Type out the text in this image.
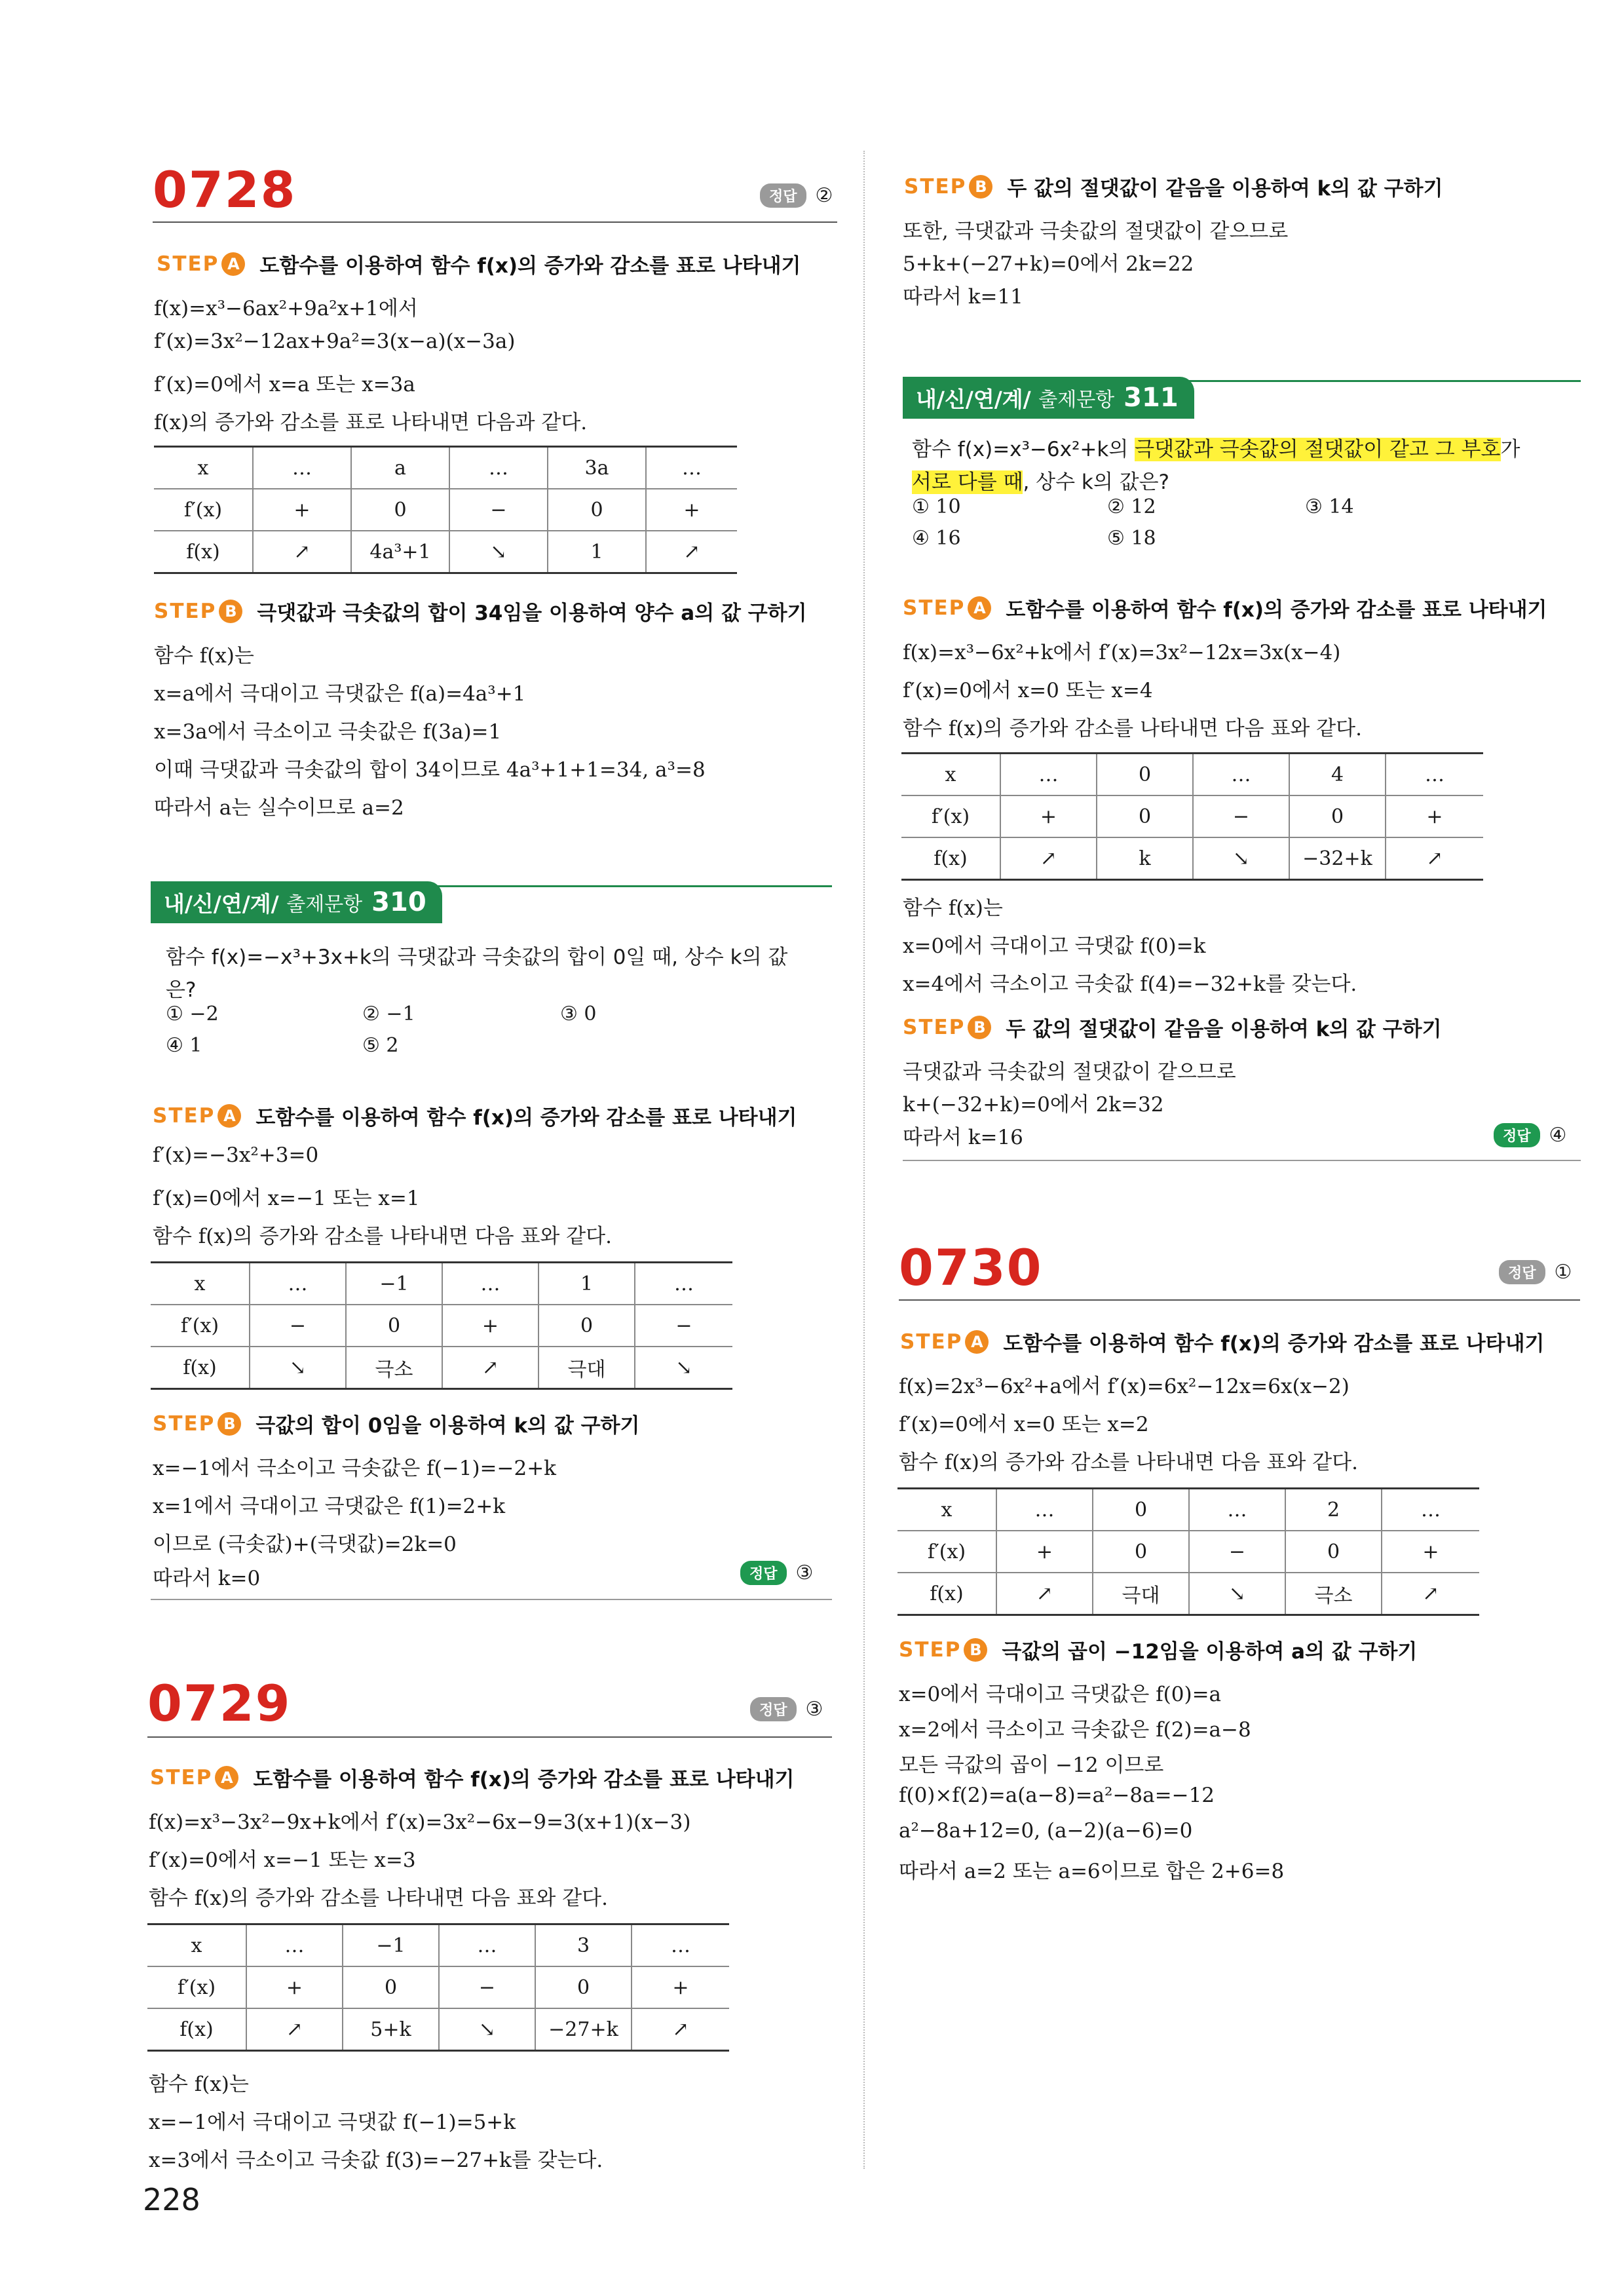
0728	정답 ②
STEP A 도함수를 이용하여 함수 f(x)의 증가와 감소를 표로 나타내기
f(x)=x³−6ax²+9a²x+1에서
f′(x)=3x²−12ax+9a²=3(x−a)(x−3a)
f′(x)=0에서 x=a 또는 x=3a
f(x)의 증가와 감소를 표로 나타내면 다음과 같다.
x	…	a	…	3a	…
f′(x)	+	0	−	0	+
f(x)	↗	4a³+1	↘	1	↗
STEP B 극댓값과 극솟값의 합이 34임을 이용하여 양수 a의 값 구하기
함수 f(x)는
x=a에서 극대이고 극댓값은 f(a)=4a³+1
x=3a에서 극소이고 극솟값은 f(3a)=1
이때 극댓값과 극솟값의 합이 34이므로 4a³+1+1=34, a³=8
따라서 a는 실수이므로 a=2
내/신/연/계/
출제문항 310
함수 f(x)=−x³+3x+k의 극댓값과 극솟값의 합이 0일 때, 상수 k의 값
은?
① −2	② −1	③ 0
④ 1	⑤ 2
STEP A 도함수를 이용하여 함수 f(x)의 증가와 감소를 표로 나타내기
f′(x)=−3x²+3=0
f′(x)=0에서 x=−1 또는 x=1
함수 f(x)의 증가와 감소를 나타내면 다음 표와 같다.
x	…	−1	…	1	…
f′(x)	−	0	+	0	−
f(x)	↘	극소	↗	극대	↘
STEP B 극값의 합이 0임을 이용하여 k의 값 구하기
x=−1에서 극소이고 극솟값은 f(−1)=−2+k
x=1에서 극대이고 극댓값은 f(1)=2+k
이므로 (극솟값)+(극댓값)=2k=0
따라서 k=0	정답 ③
0729	정답 ③
STEP A 도함수를 이용하여 함수 f(x)의 증가와 감소를 표로 나타내기
f(x)=x³−3x²−9x+k에서 f′(x)=3x²−6x−9=3(x+1)(x−3)
f′(x)=0에서 x=−1 또는 x=3
함수 f(x)의 증가와 감소를 나타내면 다음 표와 같다.
x	…	−1	…	3	…
f′(x)	+	0	−	0	+
f(x)	↗	5+k	↘	−27+k	↗
함수 f(x)는
x=−1에서 극대이고 극댓값 f(−1)=5+k
x=3에서 극소이고 극솟값 f(3)=−27+k를 갖는다.
228
STEP B 두 값의 절댓값이 같음을 이용하여 k의 값 구하기
또한, 극댓값과 극솟값의 절댓값이 같으므로
5+k+(−27+k)=0에서 2k=22
따라서 k=11
내/신/연/계/
출제문항 311
함수 f(x)=x³−6x²+k의 극댓값과 극솟값의 절댓값이 같고 그 부호가
서로 다를 때, 상수 k의 값은?
① 10	② 12	③ 14
④ 16	⑤ 18
STEP A 도함수를 이용하여 함수 f(x)의 증가와 감소를 표로 나타내기
f(x)=x³−6x²+k에서 f′(x)=3x²−12x=3x(x−4)
f′(x)=0에서 x=0 또는 x=4
함수 f(x)의 증가와 감소를 나타내면 다음 표와 같다.
x	…	0	…	4	…
f′(x)	+	0	−	0	+
f(x)	↗	k	↘	−32+k	↗
함수 f(x)는
x=0에서 극대이고 극댓값 f(0)=k
x=4에서 극소이고 극솟값 f(4)=−32+k를 갖는다.
STEP B 두 값의 절댓값이 같음을 이용하여 k의 값 구하기
극댓값과 극솟값의 절댓값이 같으므로
k+(−32+k)=0에서 2k=32
따라서 k=16	정답 ④
0730	정답 ①
STEP A 도함수를 이용하여 함수 f(x)의 증가와 감소를 표로 나타내기
f(x)=2x³−6x²+a에서 f′(x)=6x²−12x=6x(x−2)
f′(x)=0에서 x=0 또는 x=2
함수 f(x)의 증가와 감소를 나타내면 다음 표와 같다.
x	…	0	…	2	…
f′(x)	+	0	−	0	+
f(x)	↗	극대	↘	극소	↗
STEP B 극값의 곱이 −12임을 이용하여 a의 값 구하기
x=0에서 극대이고 극댓값은 f(0)=a
x=2에서 극소이고 극솟값은 f(2)=a−8
모든 극값의 곱이 −12 이므로
f(0)×f(2)=a(a−8)=a²−8a=−12
a²−8a+12=0, (a−2)(a−6)=0
따라서 a=2 또는 a=6이므로 합은 2+6=8
